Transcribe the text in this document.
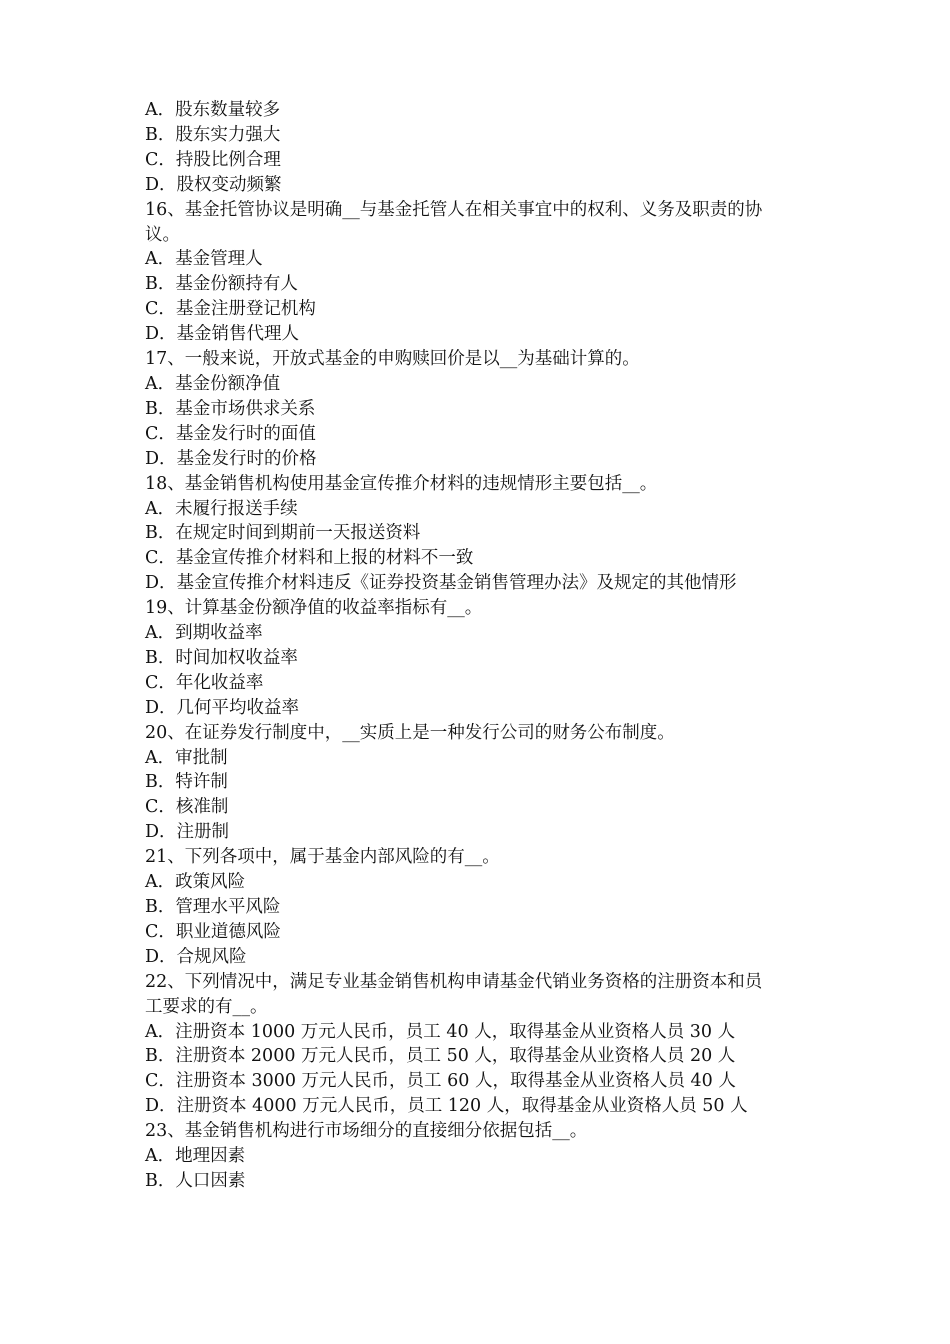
A．股东数量较多
B．股东实力强大
C．持股比例合理
D．股权变动频繁
16、基金托管协议是明确__与基金托管人在相关事宜中的权利、义务及职责的协
议。
A．基金管理人
B．基金份额持有人
C．基金注册登记机构
D．基金销售代理人
17、一般来说，开放式基金的申购赎回价是以__为基础计算的。
A．基金份额净值
B．基金市场供求关系
C．基金发行时的面值
D．基金发行时的价格
18、基金销售机构使用基金宣传推介材料的违规情形主要包括__。
A．未履行报送手续
B．在规定时间到期前一天报送资料
C．基金宣传推介材料和上报的材料不一致
D．基金宣传推介材料违反《证券投资基金销售管理办法》及规定的其他情形
19、计算基金份额净值的收益率指标有__。
A．到期收益率
B．时间加权收益率
C．年化收益率
D．几何平均收益率
20、在证券发行制度中，__实质上是一种发行公司的财务公布制度。
A．审批制
B．特许制
C．核准制
D．注册制
21、下列各项中，属于基金内部风险的有__。
A．政策风险
B．管理水平风险
C．职业道德风险
D．合规风险
22、下列情况中，满足专业基金销售机构申请基金代销业务资格的注册资本和员
工要求的有__。
A．注册资本 1000 万元人民币，员工 40 人，取得基金从业资格人员 30 人
B．注册资本 2000 万元人民币，员工 50 人，取得基金从业资格人员 20 人
C．注册资本 3000 万元人民币，员工 60 人，取得基金从业资格人员 40 人
D．注册资本 4000 万元人民币，员工 120 人，取得基金从业资格人员 50 人
23、基金销售机构进行市场细分的直接细分依据包括__。
A．地理因素
B．人口因素
